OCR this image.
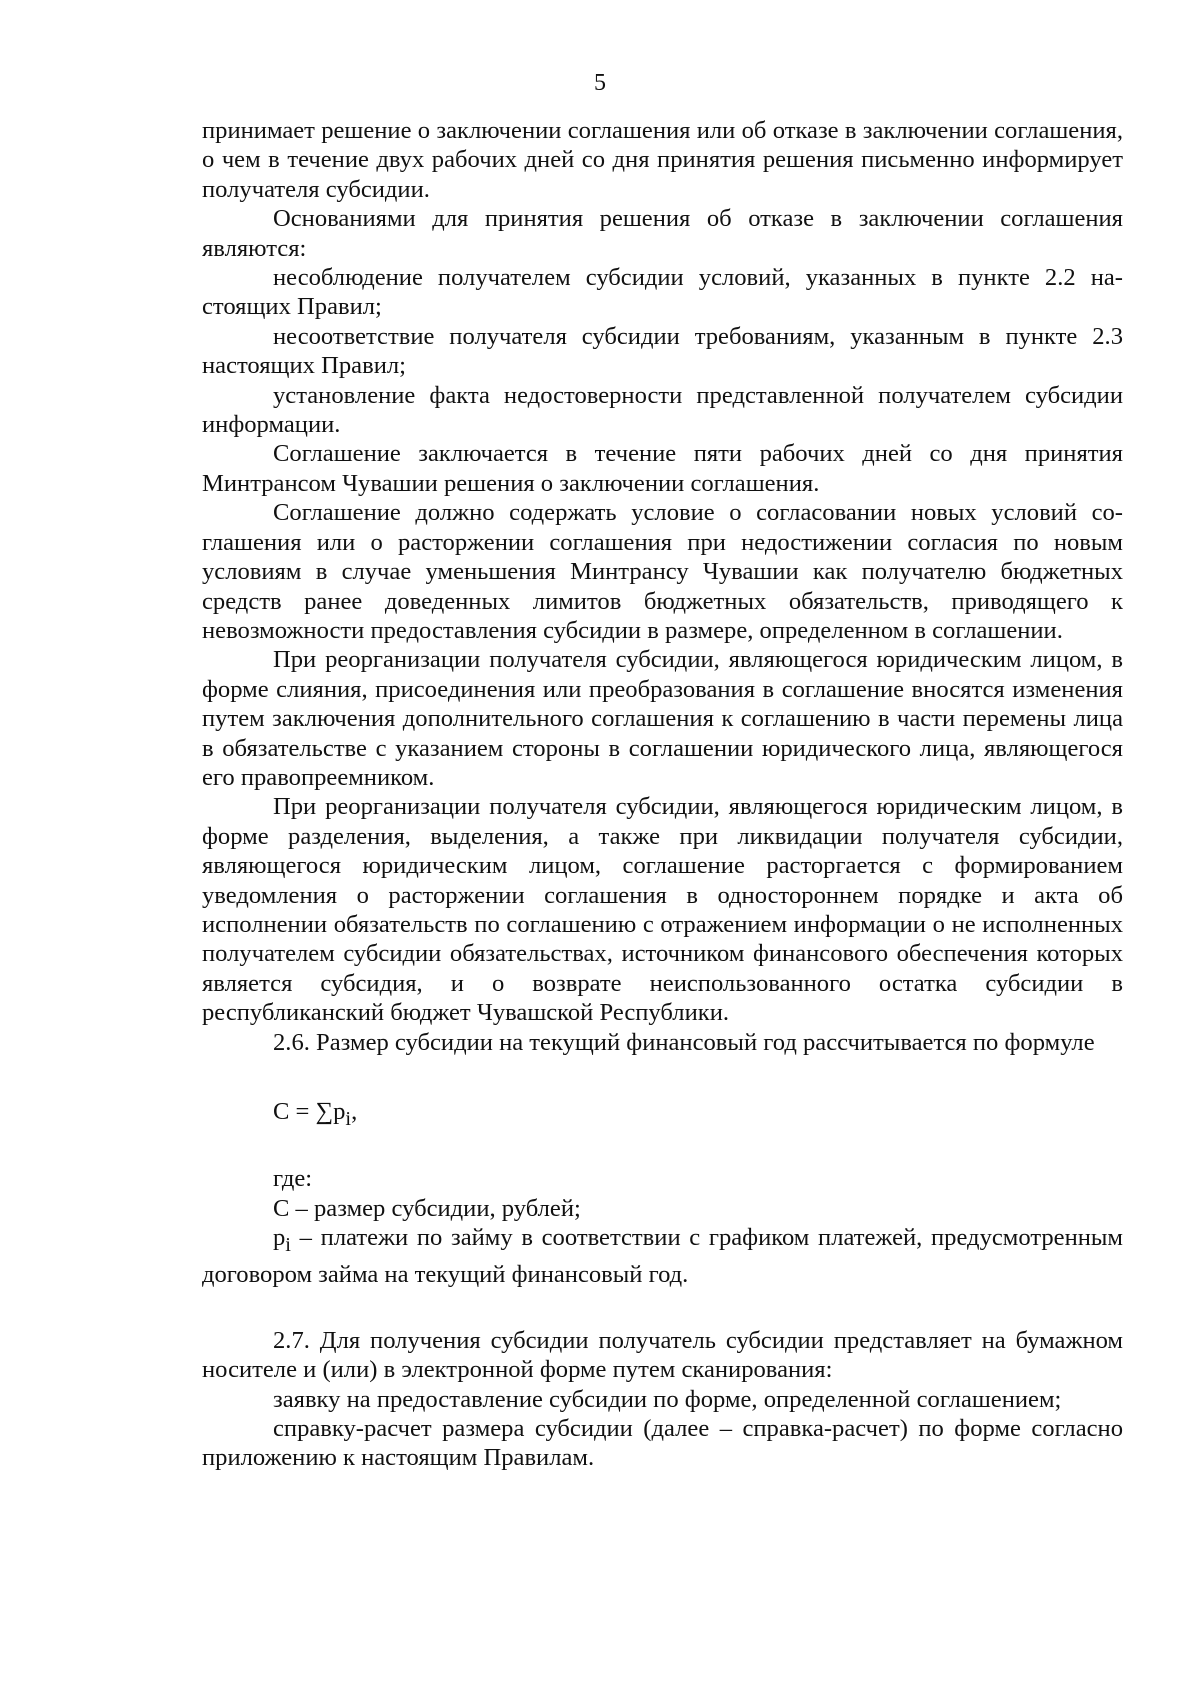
5

принимает решение о заключении соглашения или об отказе в заключении соглашения, о чем в течение двух рабочих дней со дня принятия решения письменно информирует получателя субсидии.

Основаниями для принятия решения об отказе в заключении соглашения являются:

несоблюдение получателем субсидии условий, указанных в пункте 2.2 настоящих Правил;

несоответствие получателя субсидии требованиям, указанным в пункте 2.3 настоящих Правил;

установление факта недостоверности представленной получателем субсидии информации.

Соглашение заключается в течение пяти рабочих дней со дня принятия Минтрансом Чувашии решения о заключении соглашения.

Соглашение должно содержать условие о согласовании новых условий соглашения или о расторжении соглашения при недостижении согласия по новым условиям в случае уменьшения Минтрансу Чувашии как получателю бюджетных средств ранее доведенных лимитов бюджетных обязательств, приводящего к невозможности предоставления субсидии в размере, определенном в соглашении.

При реорганизации получателя субсидии, являющегося юридическим лицом, в форме слияния, присоединения или преобразования в соглашение вносятся изменения путем заключения дополнительного соглашения к соглашению в части перемены лица в обязательстве с указанием стороны в соглашении юридического лица, являющегося его правопреемником.

При реорганизации получателя субсидии, являющегося юридическим лицом, в форме разделения, выделения, а также при ликвидации получателя субсидии, являющегося юридическим лицом, соглашение расторгается с формированием уведомления о расторжении соглашения в одностороннем порядке и акта об исполнении обязательств по соглашению с отражением информации о не исполненных получателем субсидии обязательствах, источником финансового обеспечения которых является субсидия, и о возврате неиспользованного остатка субсидии в республиканский бюджет Чувашской Республики.

2.6. Размер субсидии на текущий финансовый год рассчитывается по формуле

$C = \sum p_i$,

где:

C – размер субсидии, рублей;

$p_i$ – платежи по займу в соответствии с графиком платежей, предусмотренным договором займа на текущий финансовый год.

2.7. Для получения субсидии получатель субсидии представляет на бумажном носителе и (или) в электронной форме путем сканирования:

заявку на предоставление субсидии по форме, определенной соглашением;

справку-расчет размера субсидии (далее – справка-расчет) по форме согласно приложению к настоящим Правилам.
